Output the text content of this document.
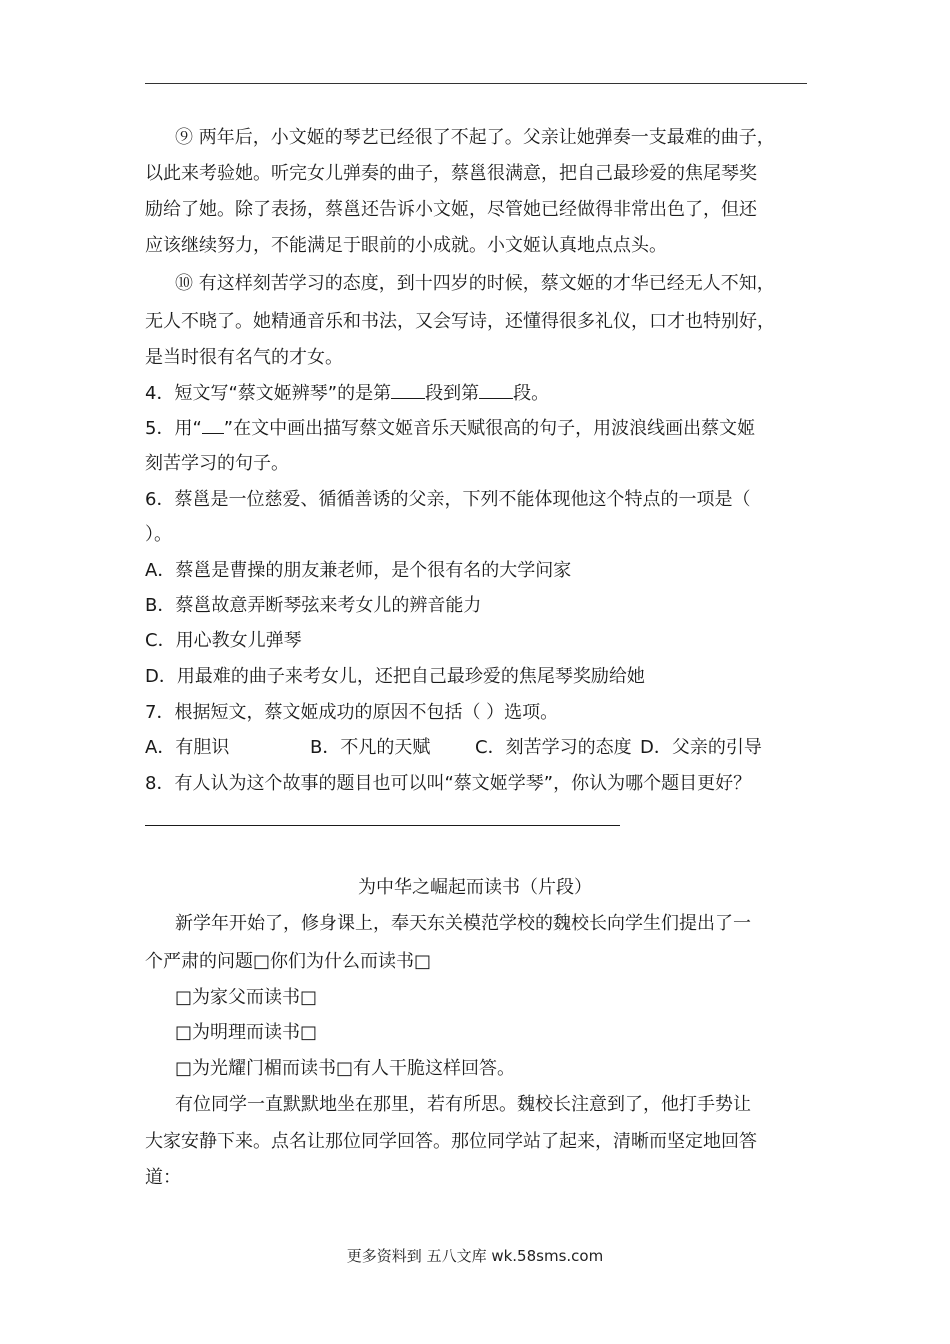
⑨ 两年后，小文姬的琴艺已经很了不起了。父亲让她弹奏一支最难的曲子，
以此来考验她。听完女儿弹奏的曲子，蔡邕很满意，把自己最珍爱的焦尾琴奖
励给了她。除了表扬，蔡邕还告诉小文姬，尽管她已经做得非常出色了，但还
应该继续努力，不能满足于眼前的小成就。小文姬认真地点点头。
⑩ 有这样刻苦学习的态度，到十四岁的时候，蔡文姬的才华已经无人不知，
无人不晓了。她精通音乐和书法，又会写诗，还懂得很多礼仪，口才也特别好，
是当时很有名气的才女。
4．短文写“蔡文姬辨琴”的是第 段到第 段。
5．用“ ”在文中画出描写蔡文姬音乐天赋很高的句子，用波浪线画出蔡文姬
刻苦学习的句子。
6．蔡邕是一位慈爱、循循善诱的父亲，下列不能体现他这个特点的一项是（
）。
A．蔡邕是曹操的朋友兼老师，是个很有名的大学问家
B．蔡邕故意弄断琴弦来考女儿的辨音能力
C．用心教女儿弹琴
D．用最难的曲子来考女儿，还把自己最珍爱的焦尾琴奖励给她
7．根据短文，蔡文姬成功的原因不包括（ ）选项。
A．有胆识	B．不凡的天赋 C．刻苦学习的态度 D．父亲的引导
8．有人认为这个故事的题目也可以叫“蔡文姬学琴”，你认为哪个题目更好？
为中华之崛起而读书（片段）
新学年开始了，修身课上，奉天东关模范学校的魏校长向学生们提出了一
个严肃的问题□你们为什么而读书□
□为家父而读书□
□为明理而读书□
□为光耀门楣而读书□有人干脆这样回答。
有位同学一直默默地坐在那里，若有所思。魏校长注意到了，他打手势让
大家安静下来。点名让那位同学回答。那位同学站了起来，清晰而坚定地回答
道：
更多资料到 五八文库 wk.58sms.com
